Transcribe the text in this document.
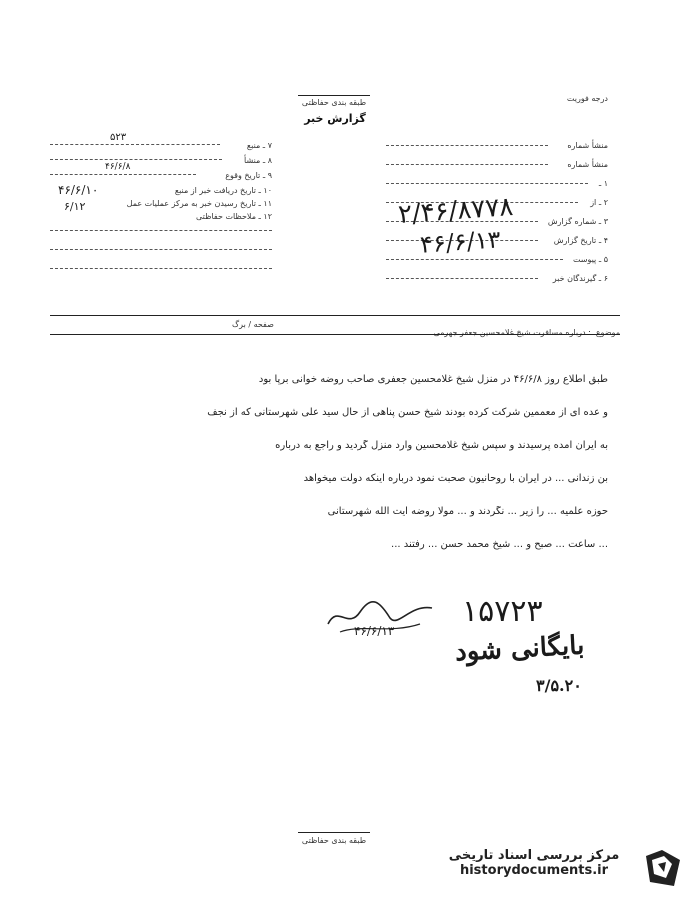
طبقه بندی حفاظتی	درجه فوریت
گزارش خبر
منشأ شماره
منشأ شماره
۱ ـ
۲ ـ از
۳ ـ شماره گزارش
۴ ـ تاریخ گزارش
۵ ـ پیوست
۶ ـ گیرندگان خبر
۷ ـ منبع
۵۲۳
۸ ـ منشأ
۹ ـ تاریخ وقوع
۴۶/۶/۸
۱۰ ـ تاریخ دریافت خبر از منبع
۱۱ ـ تاریخ رسیدن خبر به مرکز عملیات عمل
۴۶/۶/۱۰
۱۲ ـ ملاحظات حفاظتی
۶/۱۲	۲/۴۶/۸۷۷۸
۴۶/۶/۱۳
موضوع : درباره مسافرت شیخ غلامحسین جعفر جهرمی
صفحه / برگ
طبق اطلاع روز ۴۶/۶/۸ در منزل شیخ غلامحسین جعفری صاحب روضه خوانی برپا بود
و عده ای از معممین شرکت کرده بودند شیخ حسن پناهی از حال سید علی شهرستانی که از نجف
به ایران آمده پرسیدند و سپس شیخ غلامحسین وارد منزل گردید و راجع به درباره
بن زندانی ... در ایران با روحانیون صحبت نمود درباره اینکه دولت میخواهد
حوزه علمیه ... را زیر ... نگردند و ... مولا روضه آیت الله شهرستانی
... ساعت ... صبح و ... شیخ محمد حسن ... رفتند ...
۴۶/۶/۱۳
۱۵۷۲۳
بایگانی شود
۳/۵.۲۰
طبقه بندی حفاظتی
مرکز بررسی اسناد تاریخی
historydocuments.ir
